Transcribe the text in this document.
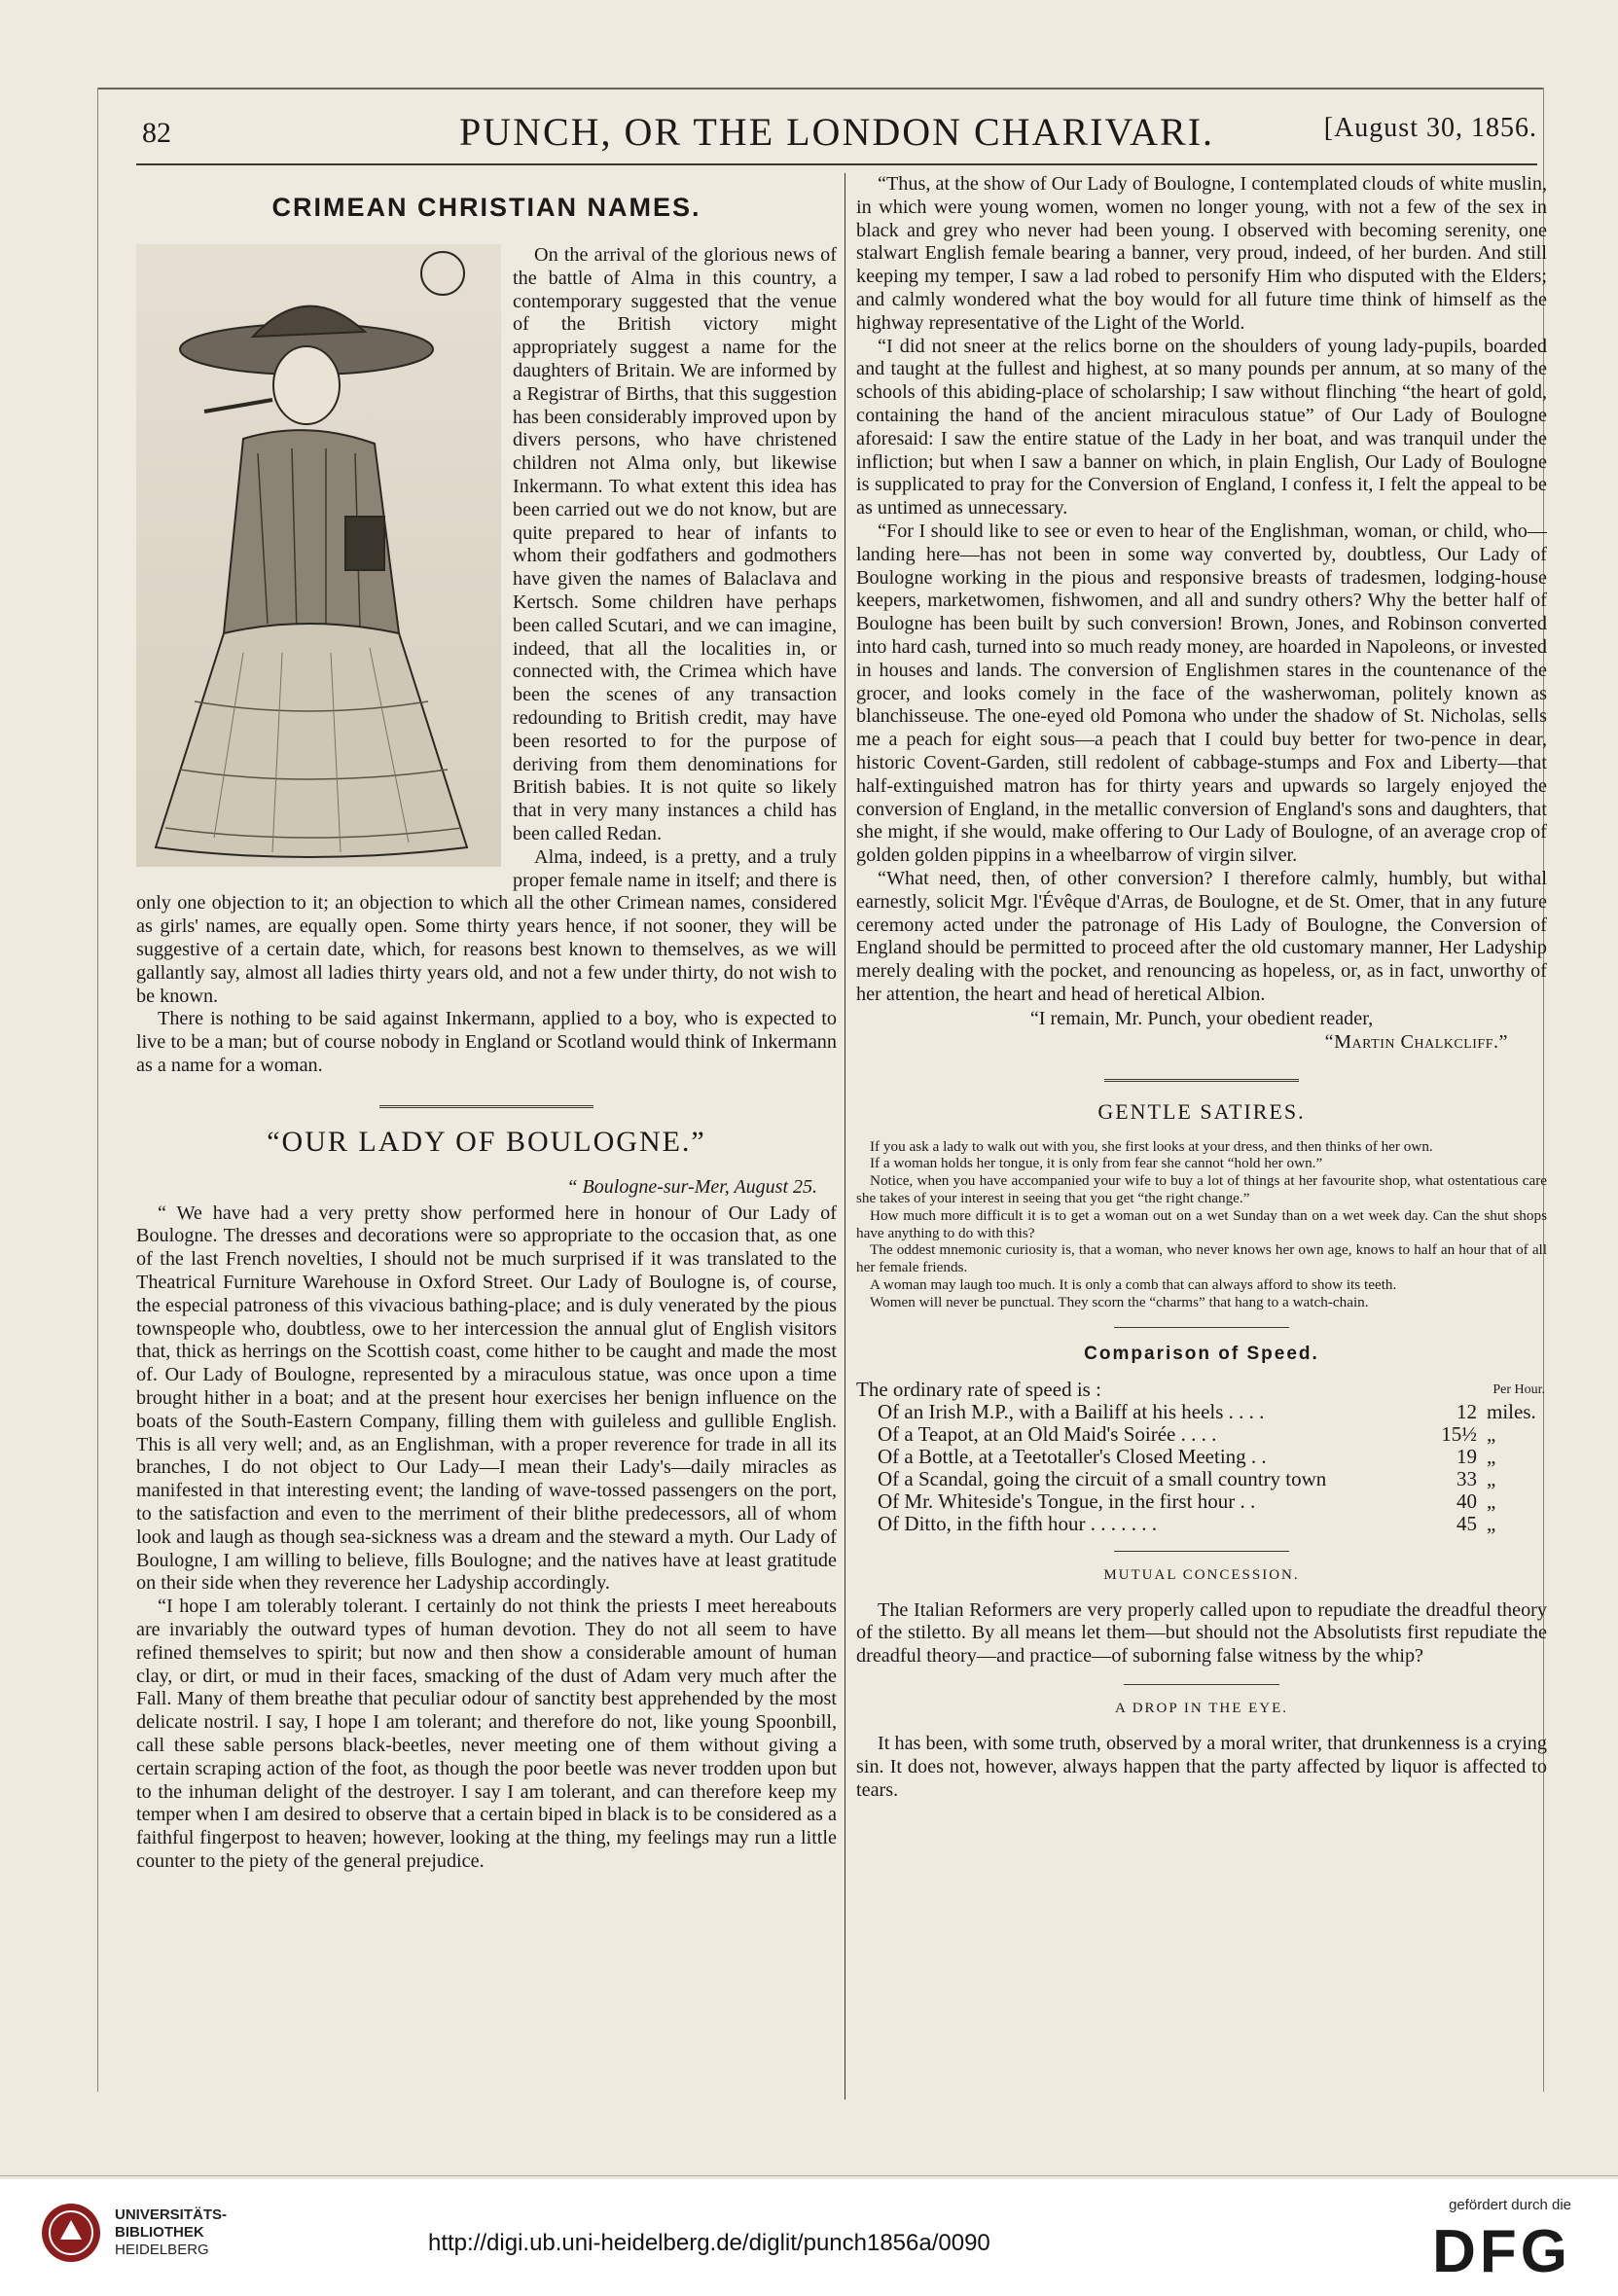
82	PUNCH, OR THE LONDON CHARIVARI.	[August 30, 1856.
CRIMEAN CHRISTIAN NAMES.

On the arrival of the glorious news of the battle of Alma in this country, a contemporary suggested that the venue of the British victory might appropriately suggest a name for the daughters of Britain. We are informed by a Registrar of Births, that this suggestion has been considerably improved upon by divers persons, who have christened children not Alma only, but likewise Inkermann. To what extent this idea has been carried out we do not know, but are quite prepared to hear of infants to whom their godfathers and godmothers have given the names of Balaclava and Kertsch. Some children have perhaps been called Scutari, and we can imagine, indeed, that all the localities in, or connected with, the Crimea which have been the scenes of any transaction redounding to British credit, may have been resorted to for the purpose of deriving from them denominations for British babies. It is not quite so likely that in very many instances a child has been called Redan.

Alma, indeed, is a pretty, and a truly proper female name in itself; and there is only one objection to it; an objection to which all the other Crimean names, considered as girls' names, are equally open. Some thirty years hence, if not sooner, they will be suggestive of a certain date, which, for reasons best known to themselves, as we will gallantly say, almost all ladies thirty years old, and not a few under thirty, do not wish to be known.

There is nothing to be said against Inkermann, applied to a boy, who is expected to live to be a man; but of course nobody in England or Scotland would think of Inkermann as a name for a woman.

“OUR LADY OF BOULOGNE.”
“ Boulogne-sur-Mer, August 25.

“ We have had a very pretty show performed here in honour of Our Lady of Boulogne. The dresses and decorations were so appropriate to the occasion that, as one of the last French novelties, I should not be much surprised if it was translated to the Theatrical Furniture Warehouse in Oxford Street. Our Lady of Boulogne is, of course, the especial patroness of this vivacious bathing-place; and is duly venerated by the pious townspeople who, doubtless, owe to her intercession the annual glut of English visitors that, thick as herrings on the Scottish coast, come hither to be caught and made the most of. Our Lady of Boulogne, represented by a miraculous statue, was once upon a time brought hither in a boat; and at the present hour exercises her benign influence on the boats of the South-Eastern Company, filling them with guileless and gullible English. This is all very well; and, as an Englishman, with a proper reverence for trade in all its branches, I do not object to Our Lady—I mean their Lady's—daily miracles as manifested in that interesting event; the landing of wave-tossed passengers on the port, to the satisfaction and even to the merriment of their blithe predecessors, all of whom look and laugh as though sea-sickness was a dream and the steward a myth. Our Lady of Boulogne, I am willing to believe, fills Boulogne; and the natives have at least gratitude on their side when they reverence her Ladyship accordingly.

“I hope I am tolerably tolerant. I certainly do not think the priests I meet hereabouts are invariably the outward types of human devotion. They do not all seem to have refined themselves to spirit; but now and then show a considerable amount of human clay, or dirt, or mud in their faces, smacking of the dust of Adam very much after the Fall. Many of them breathe that peculiar odour of sanctity best apprehended by the most delicate nostril. I say, I hope I am tolerant; and therefore do not, like young Spoonbill, call these sable persons black-beetles, never meeting one of them without giving a certain scraping action of the foot, as though the poor beetle was never trodden upon but to the inhuman delight of the destroyer. I say I am tolerant, and can therefore keep my temper when I am desired to observe that a certain biped in black is to be considered as a faithful fingerpost to heaven; however, looking at the thing, my feelings may run a little counter to the piety of the general prejudice.

“Thus, at the show of Our Lady of Boulogne, I contemplated clouds of white muslin, in which were young women, women no longer young, with not a few of the sex in black and grey who never had been young. I observed with becoming serenity, one stalwart English female bearing a banner, very proud, indeed, of her burden. And still keeping my temper, I saw a lad robed to personify Him who disputed with the Elders; and calmly wondered what the boy would for all future time think of himself as the highway representative of the Light of the World.

“I did not sneer at the relics borne on the shoulders of young lady-pupils, boarded and taught at the fullest and highest, at so many pounds per annum, at so many of the schools of this abiding-place of scholarship; I saw without flinching “the heart of gold, containing the hand of the ancient miraculous statue” of Our Lady of Boulogne aforesaid: I saw the entire statue of the Lady in her boat, and was tranquil under the infliction; but when I saw a banner on which, in plain English, Our Lady of Boulogne is supplicated to pray for the Conversion of England, I confess it, I felt the appeal to be as untimed as unnecessary.

“For I should like to see or even to hear of the Englishman, woman, or child, who—landing here—has not been in some way converted by, doubtless, Our Lady of Boulogne working in the pious and responsive breasts of tradesmen, lodging-house keepers, marketwomen, fishwomen, and all and sundry others? Why the better half of Boulogne has been built by such conversion! Brown, Jones, and Robinson converted into hard cash, turned into so much ready money, are hoarded in Napoleons, or invested in houses and lands. The conversion of Englishmen stares in the countenance of the grocer, and looks comely in the face of the washerwoman, politely known as blanchisseuse. The one-eyed old Pomona who under the shadow of St. Nicholas, sells me a peach for eight sous—a peach that I could buy better for two-pence in dear, historic Covent-Garden, still redolent of cabbage-stumps and Fox and Liberty—that half-extinguished matron has for thirty years and upwards so largely enjoyed the conversion of England, in the metallic conversion of England's sons and daughters, that she might, if she would, make offering to Our Lady of Boulogne, of an average crop of golden golden pippins in a wheelbarrow of virgin silver.

“What need, then, of other conversion? I therefore calmly, humbly, but withal earnestly, solicit Mgr. l'Évêque d'Arras, de Boulogne, et de St. Omer, that in any future ceremony acted under the patronage of His Lady of Boulogne, the Conversion of England should be permitted to proceed after the old customary manner, Her Ladyship merely dealing with the pocket, and renouncing as hopeless, or, as in fact, unworthy of her attention, the heart and head of heretical Albion.

“I remain, Mr. Punch, your obedient reader,
“Martin Chalkcliff.”
GENTLE SATIRES.

If you ask a lady to walk out with you, she first looks at your dress, and then thinks of her own.

If a woman holds her tongue, it is only from fear she cannot “hold her own.”

Notice, when you have accompanied your wife to buy a lot of things at her favourite shop, what ostentatious care she takes of your interest in seeing that you get “the right change.”

How much more difficult it is to get a woman out on a wet Sunday than on a wet week day. Can the shut shops have anything to do with this?

The oddest mnemonic curiosity is, that a woman, who never knows her own age, knows to half an hour that of all her female friends.

A woman may laugh too much. It is only a comb that can always afford to show its teeth.

Women will never be punctual. They scorn the “charms” that hang to a watch-chain.

Comparison of Speed.
The ordinary rate of speed is :	Per Hour.	
Of an Irish M.P., with a Bailiff at his heels . . . .	12	miles.
Of a Teapot, at an Old Maid's Soirée . . . .	15½	„
Of a Bottle, at a Teetotaller's Closed Meeting . .	19	„
Of a Scandal, going the circuit of a small country town	33	„
Of Mr. Whiteside's Tongue, in the first hour . .	40	„
Of Ditto, in the fifth hour . . . . . . .	45	„
MUTUAL CONCESSION.

The Italian Reformers are very properly called upon to repudiate the dreadful theory of the stiletto. By all means let them—but should not the Absolutists first repudiate the dreadful theory—and practice—of suborning false witness by the whip?

A DROP IN THE EYE.

It has been, with some truth, observed by a moral writer, that drunkenness is a crying sin. It does not, however, always happen that the party affected by liquor is affected to tears.

UNIVERSITÄTS-
BIBLIOTHEK
HEIDELBERG	http://digi.ub.uni-heidelberg.de/diglit/punch1856a/0090
gefördert durch die
DFG
